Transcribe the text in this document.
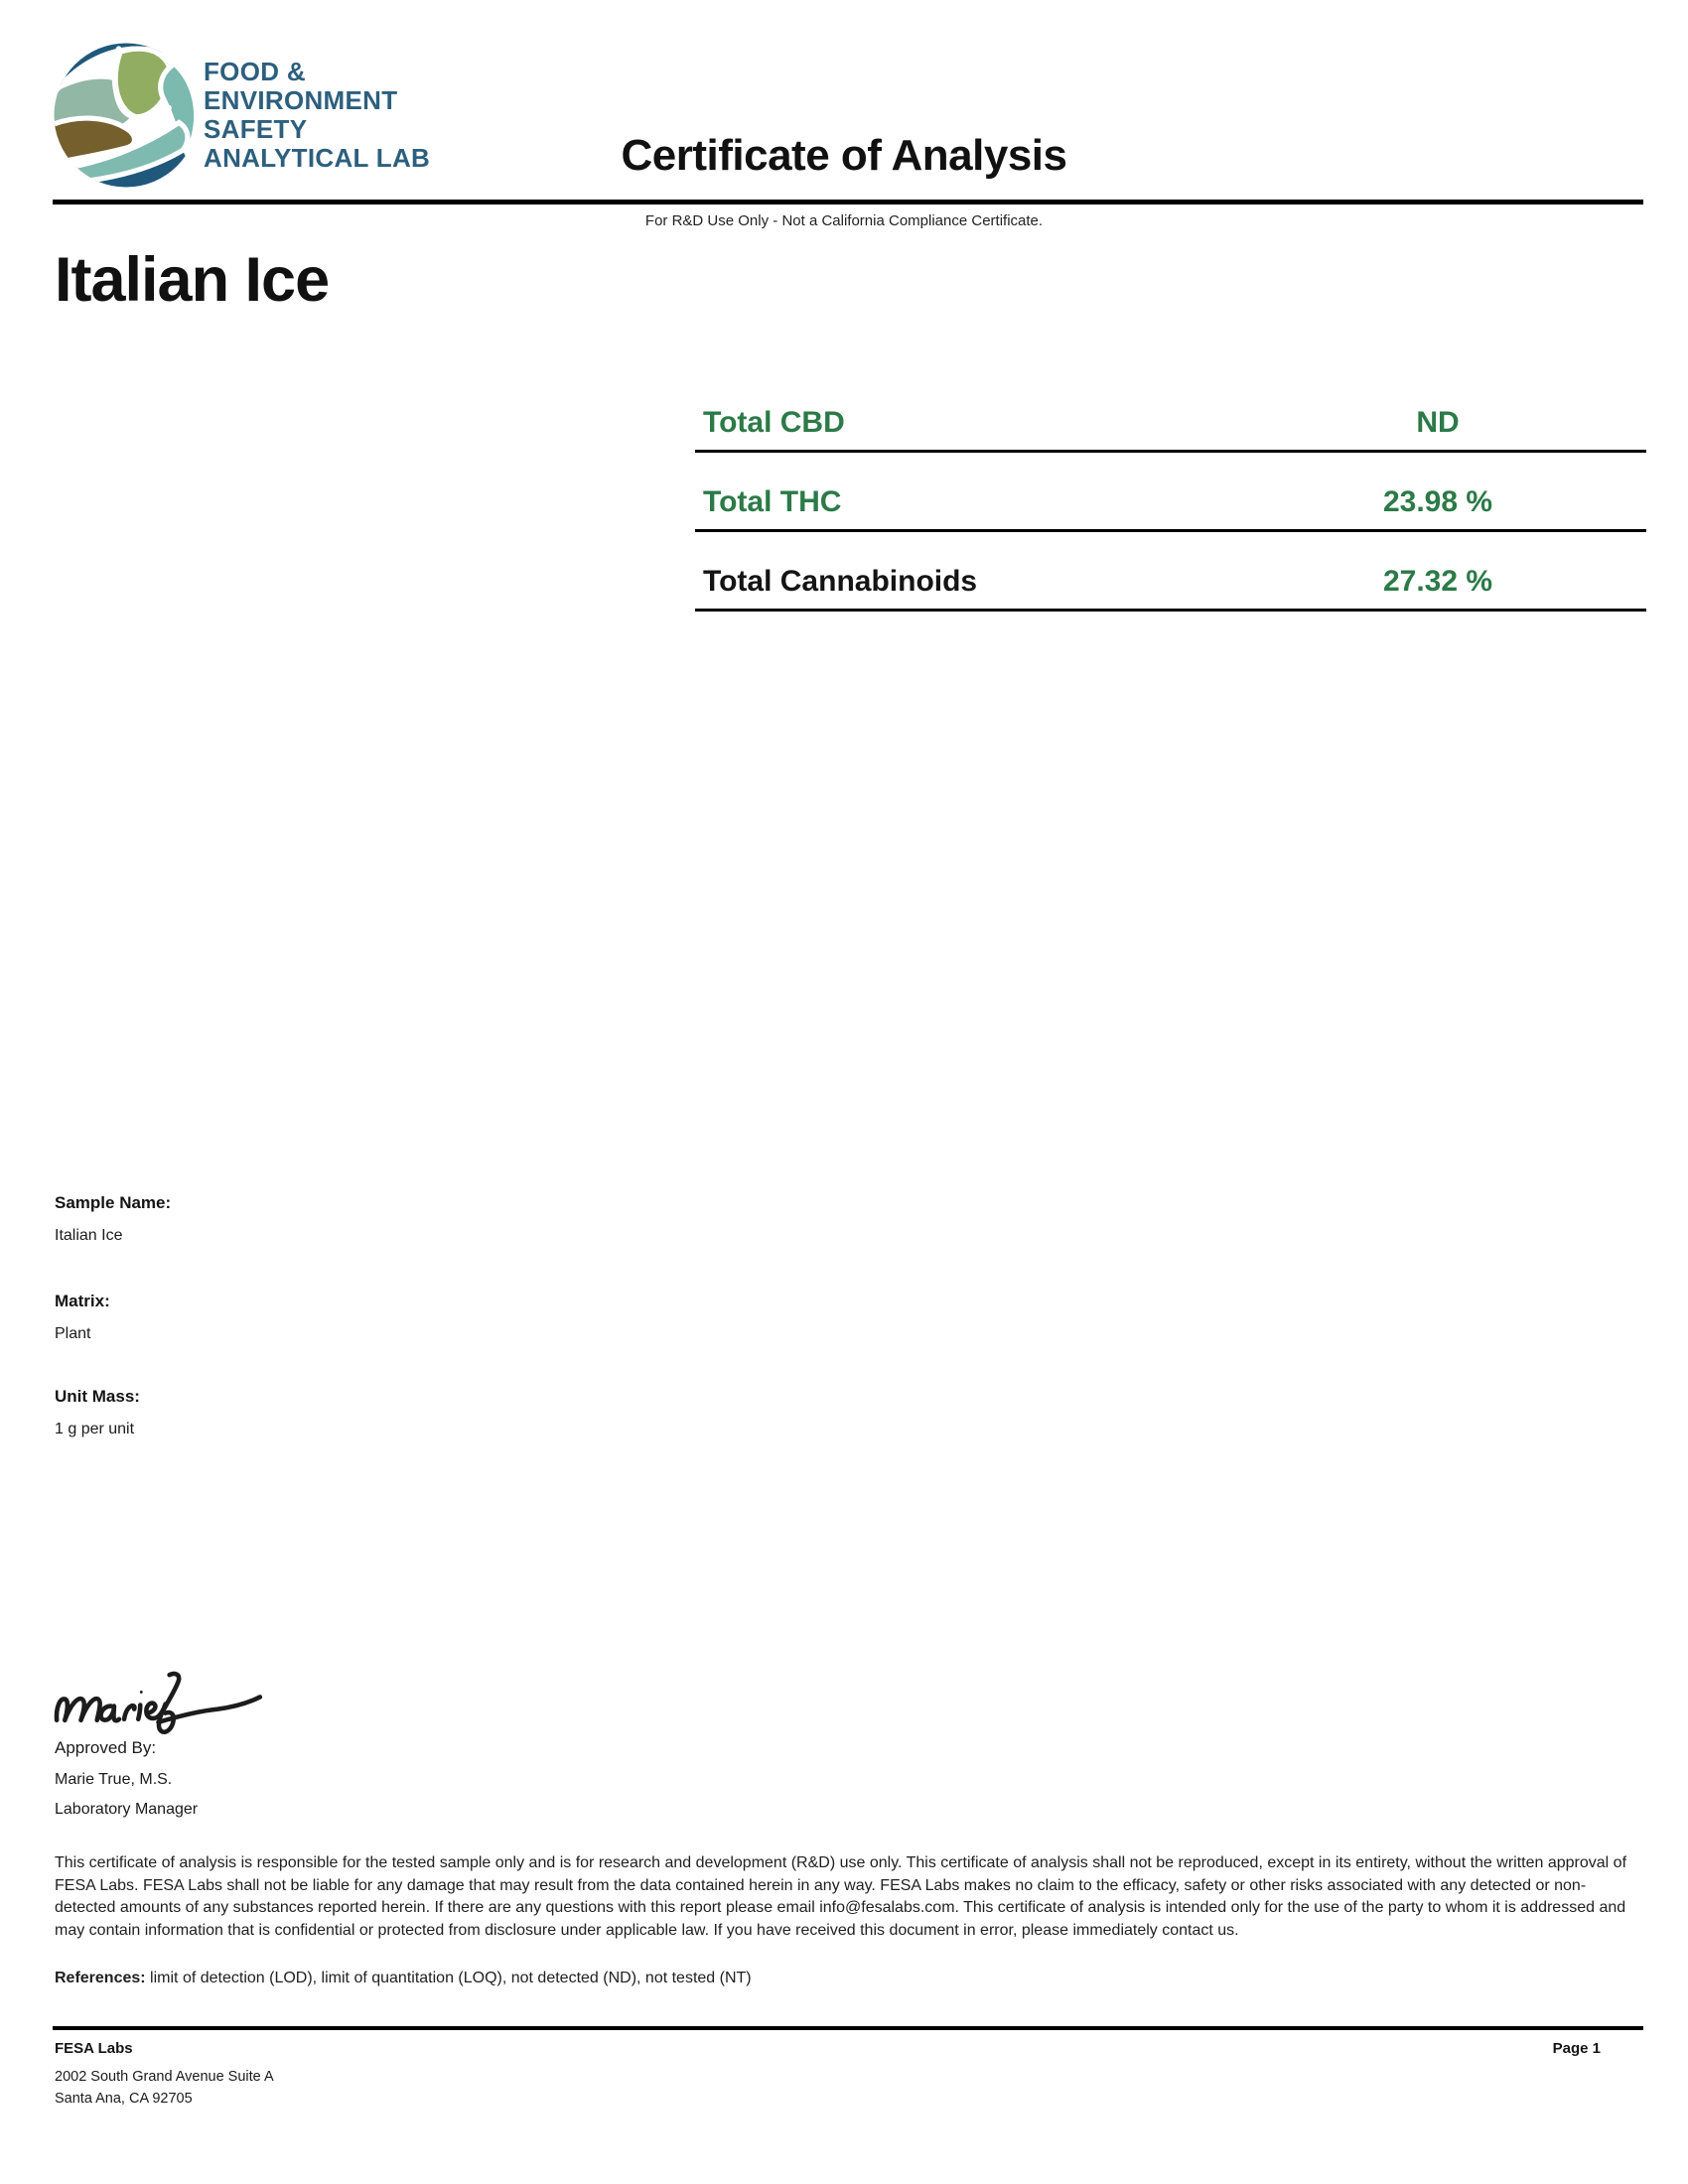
FOOD &
ENVIRONMENT
SAFETY
ANALYTICAL LAB	Certificate of Analysis
For R&D Use Only - Not a California Compliance Certificate.
Italian Ice
Total CBD	ND
Total THC	23.98 %
Total Cannabinoids	27.32 %
Sample Name:
Italian Ice
Matrix:
Plant
Unit Mass:
1 g per unit
Approved By:
Marie True, M.S.
Laboratory Manager
This certificate of analysis is responsible for the tested sample only and is for research and development (R&D) use only. This certificate of analysis shall not be reproduced, except in its entirety, without the written approval of FESA Labs. FESA Labs shall not be liable for any damage that may result from the data contained herein in any way. FESA Labs makes no claim to the efficacy, safety or other risks associated with any detected or non-detected amounts of any substances reported herein. If there are any questions with this report please email info@fesalabs.com. This certificate of analysis is intended only for the use of the party to whom it is addressed and may contain information that is confidential or protected from disclosure under applicable law. If you have received this document in error, please immediately contact us.
References: limit of detection (LOD), limit of quantitation (LOQ), not detected (ND), not tested (NT)
FESA Labs	Page 1
2002 South Grand Avenue Suite A
Santa Ana, CA 92705
